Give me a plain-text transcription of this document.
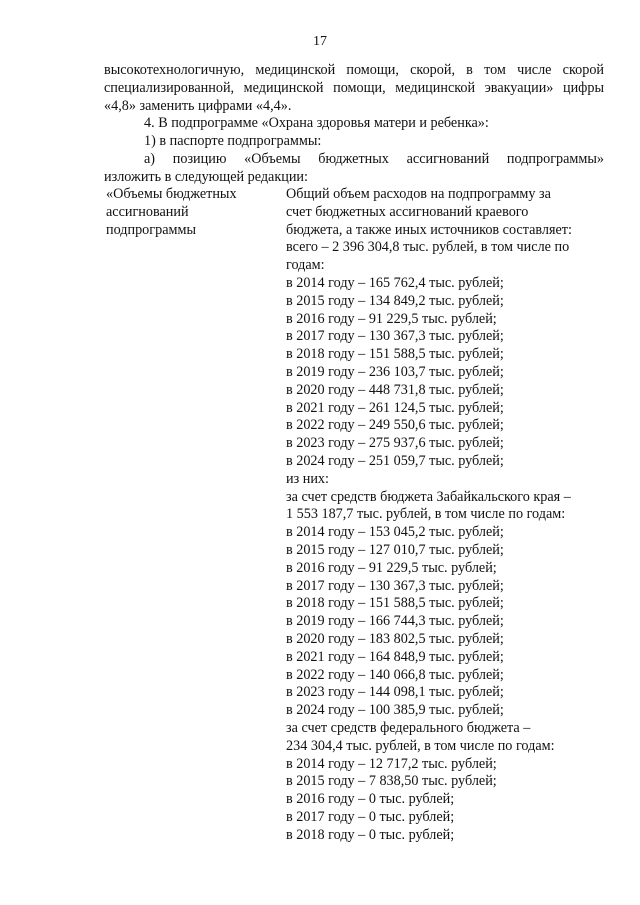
17

высокотехнологичную, медицинской помощи, скорой, в том числе скорой

специализированной, медицинской помощи, медицинской эвакуации» цифры

«4,8» заменить цифрами «4,4».

4. В подпрограмме «Охрана здоровья матери и ребенка»:

1) в паспорте подпрограммы:

а) позицию «Объемы бюджетных ассигнований подпрограммы»

изложить в следующей редакции:

«Объемы бюджетных
ассигнований
подпрограммы
Общий объем расходов на подпрограмму за
счет бюджетных ассигнований краевого
бюджета, а также иных источников составляет:
всего – 2 396 304,8 тыс. рублей, в том числе по
годам:
в 2014 году – 165 762,4 тыс. рублей;
в 2015 году – 134 849,2 тыс. рублей;
в 2016 году – 91 229,5 тыс. рублей;
в 2017 году – 130 367,3 тыс. рублей;
в 2018 году – 151 588,5 тыс. рублей;
в 2019 году – 236 103,7 тыс. рублей;
в 2020 году – 448 731,8 тыс. рублей;
в 2021 году – 261 124,5 тыс. рублей;
в 2022 году – 249 550,6 тыс. рублей;
в 2023 году – 275 937,6 тыс. рублей;
в 2024 году – 251 059,7 тыс. рублей;
из них:
за счет средств бюджета Забайкальского края –
1 553 187,7 тыс. рублей, в том числе по годам:
в 2014 году – 153 045,2 тыс. рублей;
в 2015 году – 127 010,7 тыс. рублей;
в 2016 году – 91 229,5 тыс. рублей;
в 2017 году – 130 367,3 тыс. рублей;
в 2018 году – 151 588,5 тыс. рублей;
в 2019 году – 166 744,3 тыс. рублей;
в 2020 году – 183 802,5 тыс. рублей;
в 2021 году – 164 848,9 тыс. рублей;
в 2022 году – 140 066,8 тыс. рублей;
в 2023 году – 144 098,1 тыс. рублей;
в 2024 году – 100 385,9 тыс. рублей;
за счет средств федерального бюджета –
234 304,4 тыс. рублей, в том числе по годам:
в 2014 году – 12 717,2 тыс. рублей;
в 2015 году – 7 838,50 тыс. рублей;
в 2016 году – 0 тыс. рублей;
в 2017 году – 0 тыс. рублей;
в 2018 году – 0 тыс. рублей;
